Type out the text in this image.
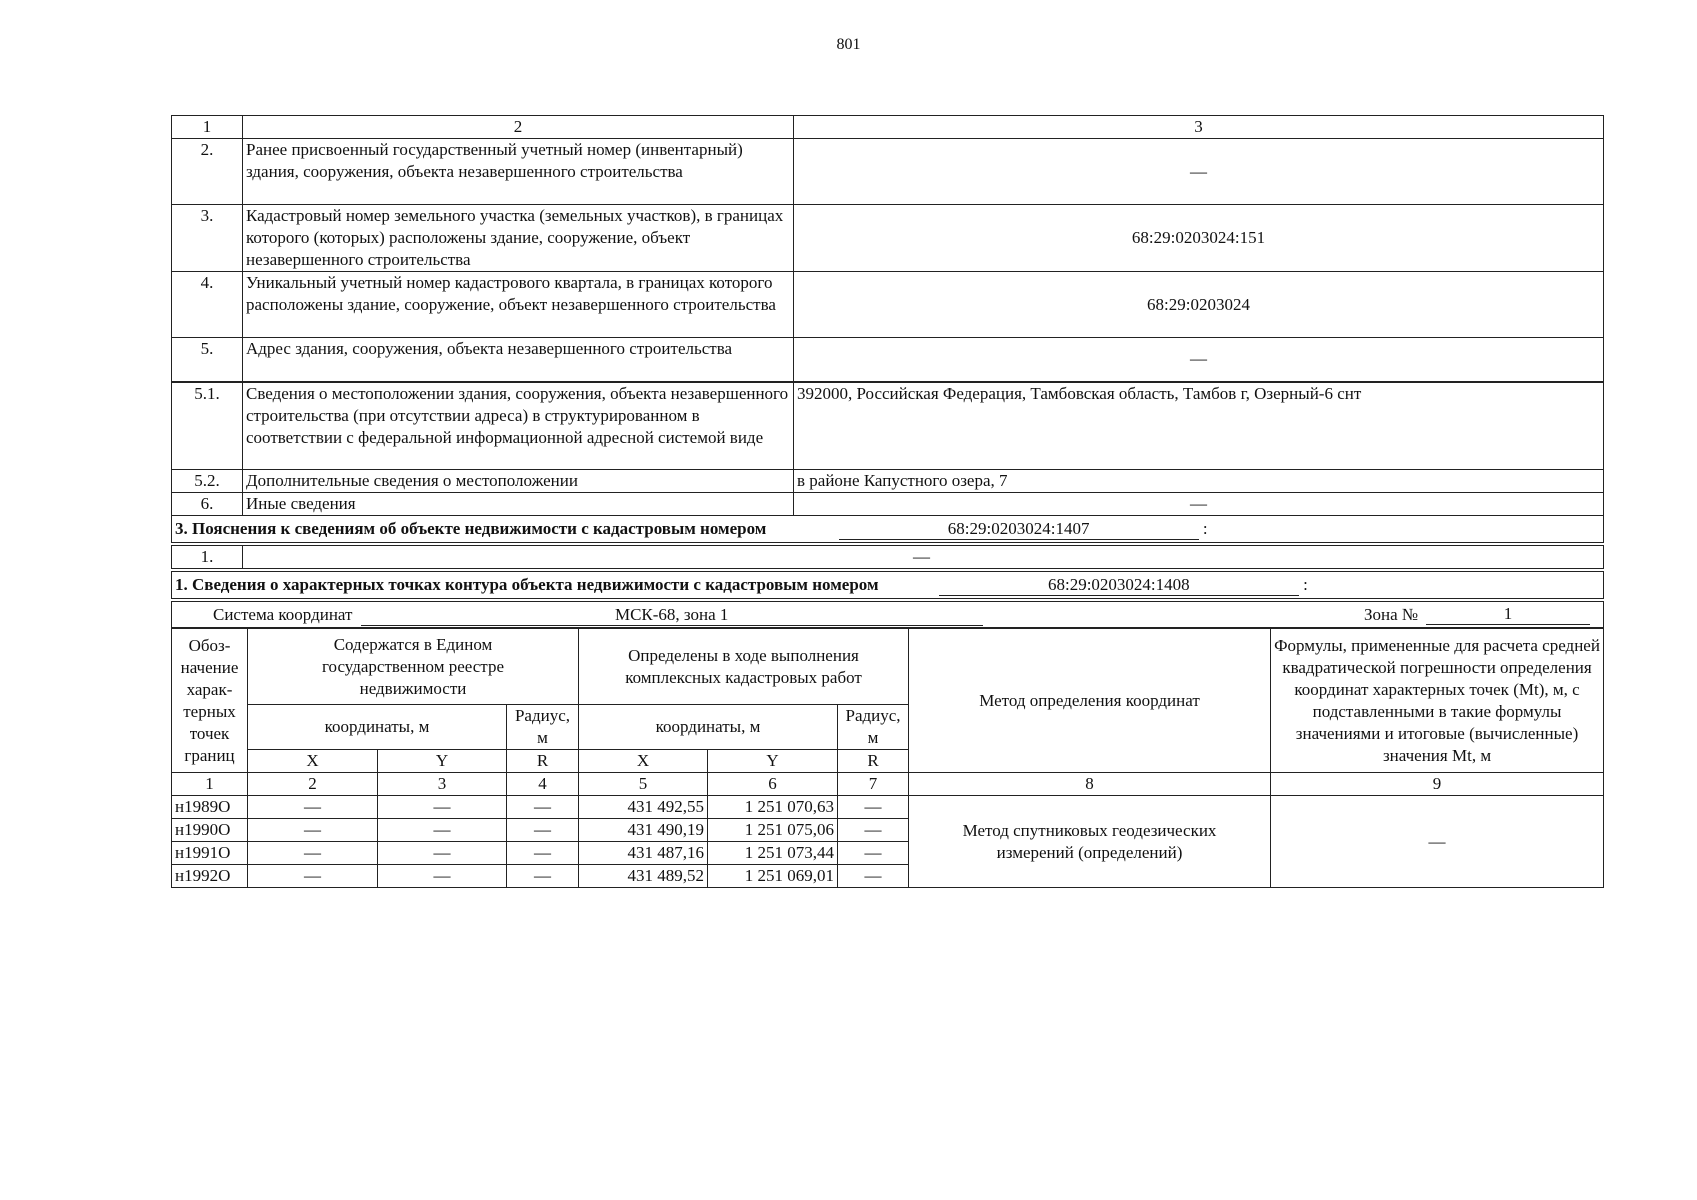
801
1	2	3
2.	Ранее присвоенный государственный учетный номер (инвентарный) здания, сооружения, объекта незавершенного строительства	—
3.	Кадастровый номер земельного участка (земельных участков), в границах которого (которых) расположены здание, сооружение, объект незавершенного строительства	68:29:0203024:151
4.	Уникальный учетный номер кадастрового квартала, в границах которого расположены здание, сооружение, объект незавершенного строительства	68:29:0203024
5.	Адрес здания, сооружения, объекта незавершенного строительства	—
5.1.	Сведения о местоположении здания, сооружения, объекта незавершенного строительства (при отсутствии адреса) в структурированном в соответствии с федеральной информационной адресной системой виде	392000, Российская Федерация, Тамбовская область, Тамбов г, Озерный-6 снт
5.2.	Дополнительные сведения о местоположении	в районе Капустного озера, 7
6.	Иные сведения	—
3. Пояснения к сведениям об объекте недвижимости с кадастровым номером 68:29:0203024:1407 :		

1.	—	

1. Сведения о характерных точках контура объекта недвижимости с кадастровым номером 68:29:0203024:1408 :		

Система координат МСК-68, зона 1 Зона № 1		
Обоз- начение харак- терных точек границ	Содержатся в Едином государственном реестре недвижимости			Определены в ходе выполнения комплексных кадастровых работ			Метод определения координат	Формулы, примененные для расчета средней квадратической погрешности определения координат характерных точек (Mt), м, с подставленными в такие формулы значениями и итоговые (вычисленные) значения Mt, м
	координаты, м		Радиус, м	координаты, м		Радиус, м		
	X	Y	R	X	Y	R		
1	2	3	4	5	6	7	8	9
н1989О	—	—	—	431 492,55	1 251 070,63	—	Метод спутниковых геодезических измерений (определений)	—
н1990О	—	—	—	431 490,19	1 251 075,06	—		
н1991О	—	—	—	431 487,16	1 251 073,44	—		
н1992О	—	—	—	431 489,52	1 251 069,01	—		
